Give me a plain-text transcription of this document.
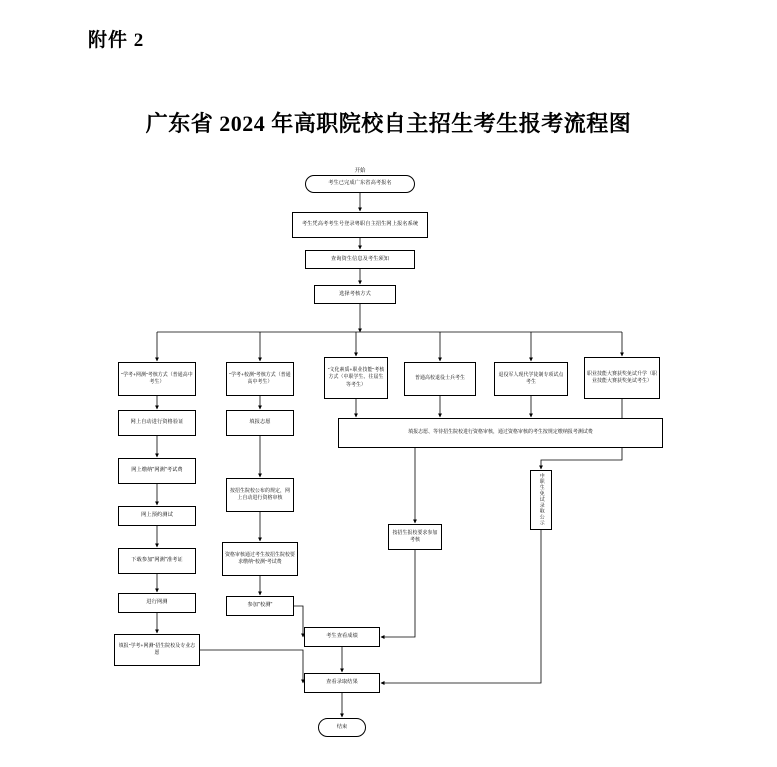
附件 2
广东省 2024 年高职院校自主招生考生报考流程图
开始
考生已完成广东省高考报名
考生凭高考考生号登录粤职自主招生网上报名系统
查询资生信息及考生须知
选择考核方式
"学考+网测"考核方式（普通高中考生）
"学考+校测"考核方式（普通高中考生）
"文化素质+职业技能"考核方式（中职学生、往届生等考生）
普通高校退役士兵考生
退役军人现代学徒制专项试点考生
职业技能大赛获奖免试升学（职业技能大赛获奖免试考生）
网上自动进行资格验证
网上缴纳"网测"考试费
网上预约测试
下载参加"网测"准考证
进行网测
填报"学考+网测"招生院校及专业志愿
填报志愿
按招生院校公布的规定，网上自动进行资格审核
资格审核通过考生按招生院校要求缴纳"校测"考试费
参加"校测"
填报志愿、等待招生院校进行资格审核，通过资格审核的考生按规定缴纳报考测试费
按招生报校要求参加考核
中职生免试录取公示
考生查看成绩
查看录取结果
结束
